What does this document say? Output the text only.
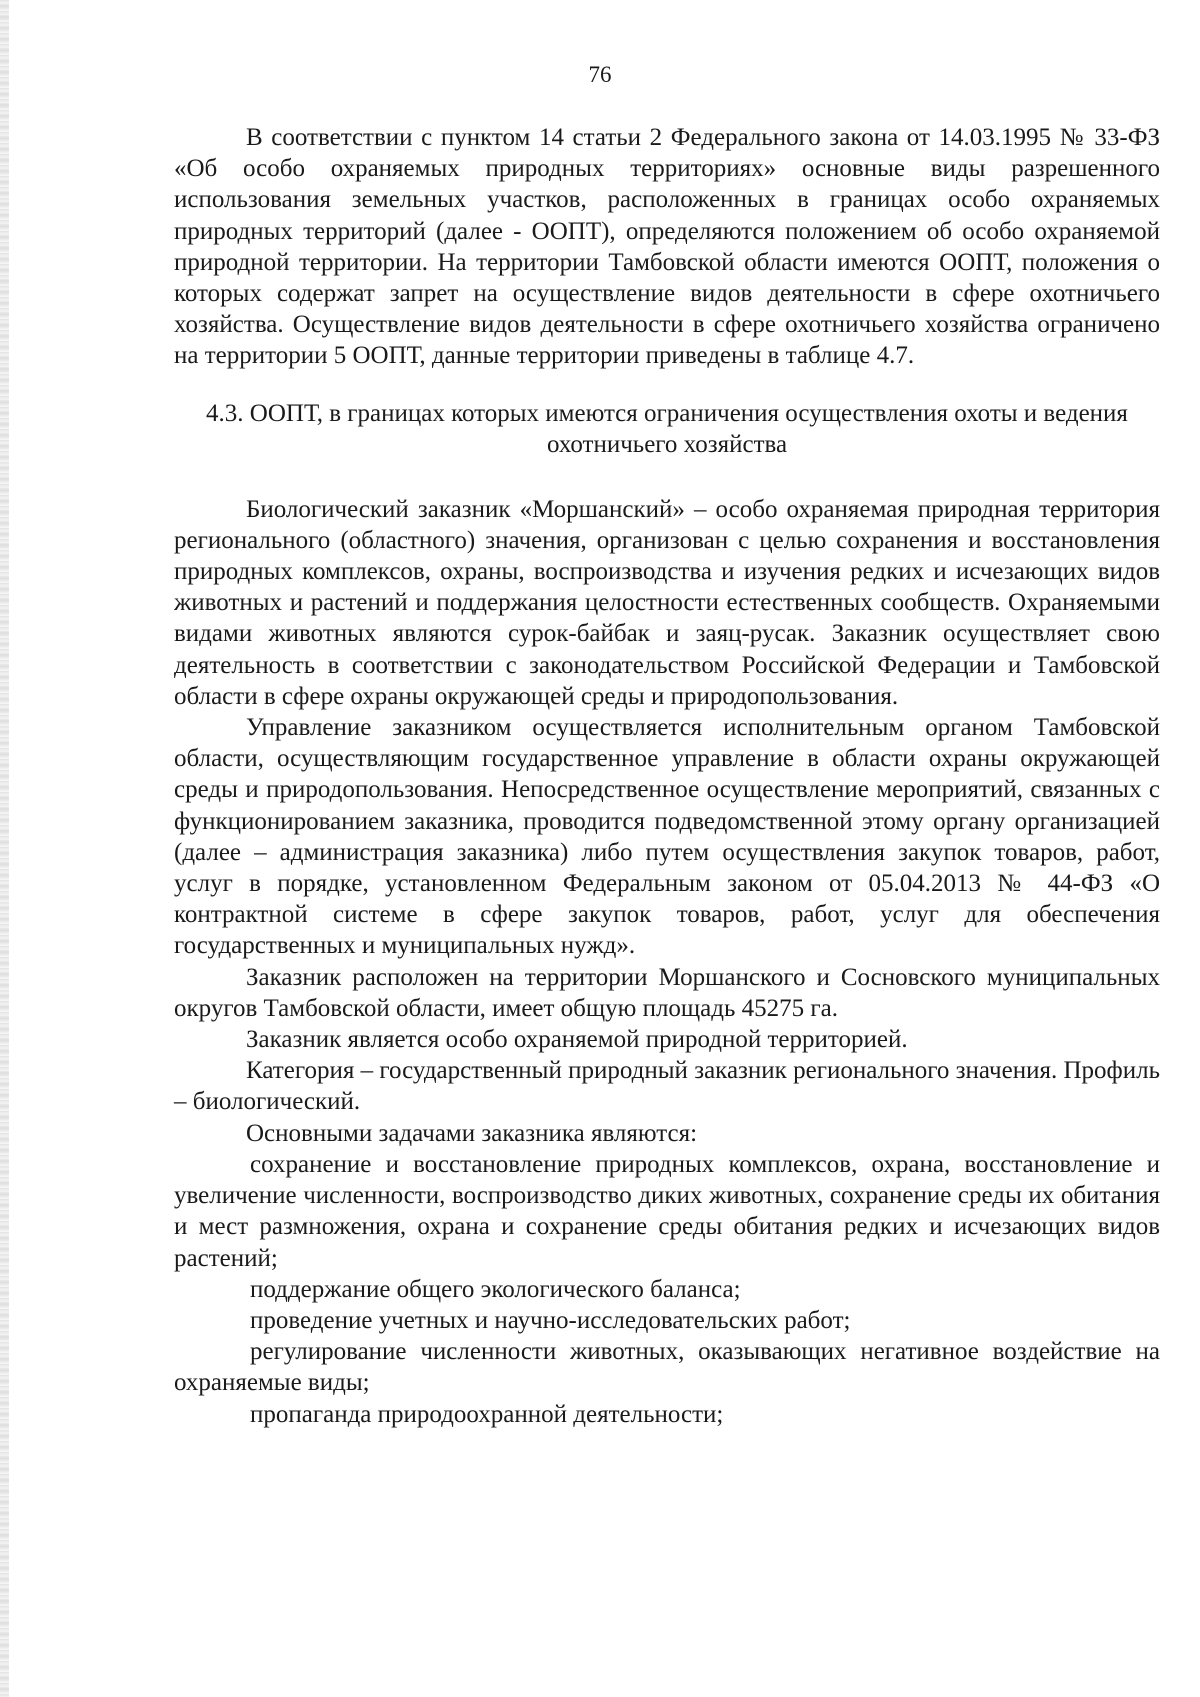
76

В соответствии с пунктом 14 статьи 2 Федерального закона от 14.03.1995 № 33-ФЗ «Об особо охраняемых природных территориях» основные виды разрешенного использования земельных участков, расположенных в границах особо охраняемых природных территорий (далее - ООПТ), определяются положением об особо охраняемой природной территории. На территории Тамбовской области имеются ООПТ, положения о которых содержат запрет на осуществление видов деятельности в сфере охотничьего хозяйства. Осуществление видов деятельности в сфере охотничьего хозяйства ограничено на территории 5 ООПТ, данные территории приведены в таблице 4.7.

4.3. ООПТ, в границах которых имеются ограничения осуществления охоты и ведения охотничьего хозяйства

Биологический заказник «Моршанский» – особо охраняемая природная территория регионального (областного) значения, организован с целью сохранения и восстановления природных комплексов, охраны, воспроизводства и изучения редких и исчезающих видов животных и растений и поддержания целостности естественных сообществ. Охраняемыми видами животных являются сурок-байбак и заяц-русак. Заказник осуществляет свою деятельность в соответствии с законодательством Российской Федерации и Тамбовской области в сфере охраны окружающей среды и природопользования.

Управление заказником осуществляется исполнительным органом Тамбовской области, осуществляющим государственное управление в области охраны окружающей среды и природопользования. Непосредственное осуществление мероприятий, связанных с функционированием заказника, проводится подведомственной этому органу организацией (далее – администрация заказника) либо путем осуществления закупок товаров, работ, услуг в порядке, установленном Федеральным законом от 05.04.2013 № 44-ФЗ «О контрактной системе в сфере закупок товаров, работ, услуг для обеспечения государственных и муниципальных нужд».

Заказник расположен на территории Моршанского и Сосновского муниципальных округов Тамбовской области, имеет общую площадь 45275 га.

Заказник является особо охраняемой природной территорией.

Категория – государственный природный заказник регионального значения. Профиль – биологический.

Основными задачами заказника являются:

сохранение и восстановление природных комплексов, охрана, восстановление и увеличение численности, воспроизводство диких животных, сохранение среды их обитания и мест размножения, охрана и сохранение среды обитания редких и исчезающих видов растений;

поддержание общего экологического баланса;

проведение учетных и научно-исследовательских работ;

регулирование численности животных, оказывающих негативное воздействие на охраняемые виды;

пропаганда природоохранной деятельности;
